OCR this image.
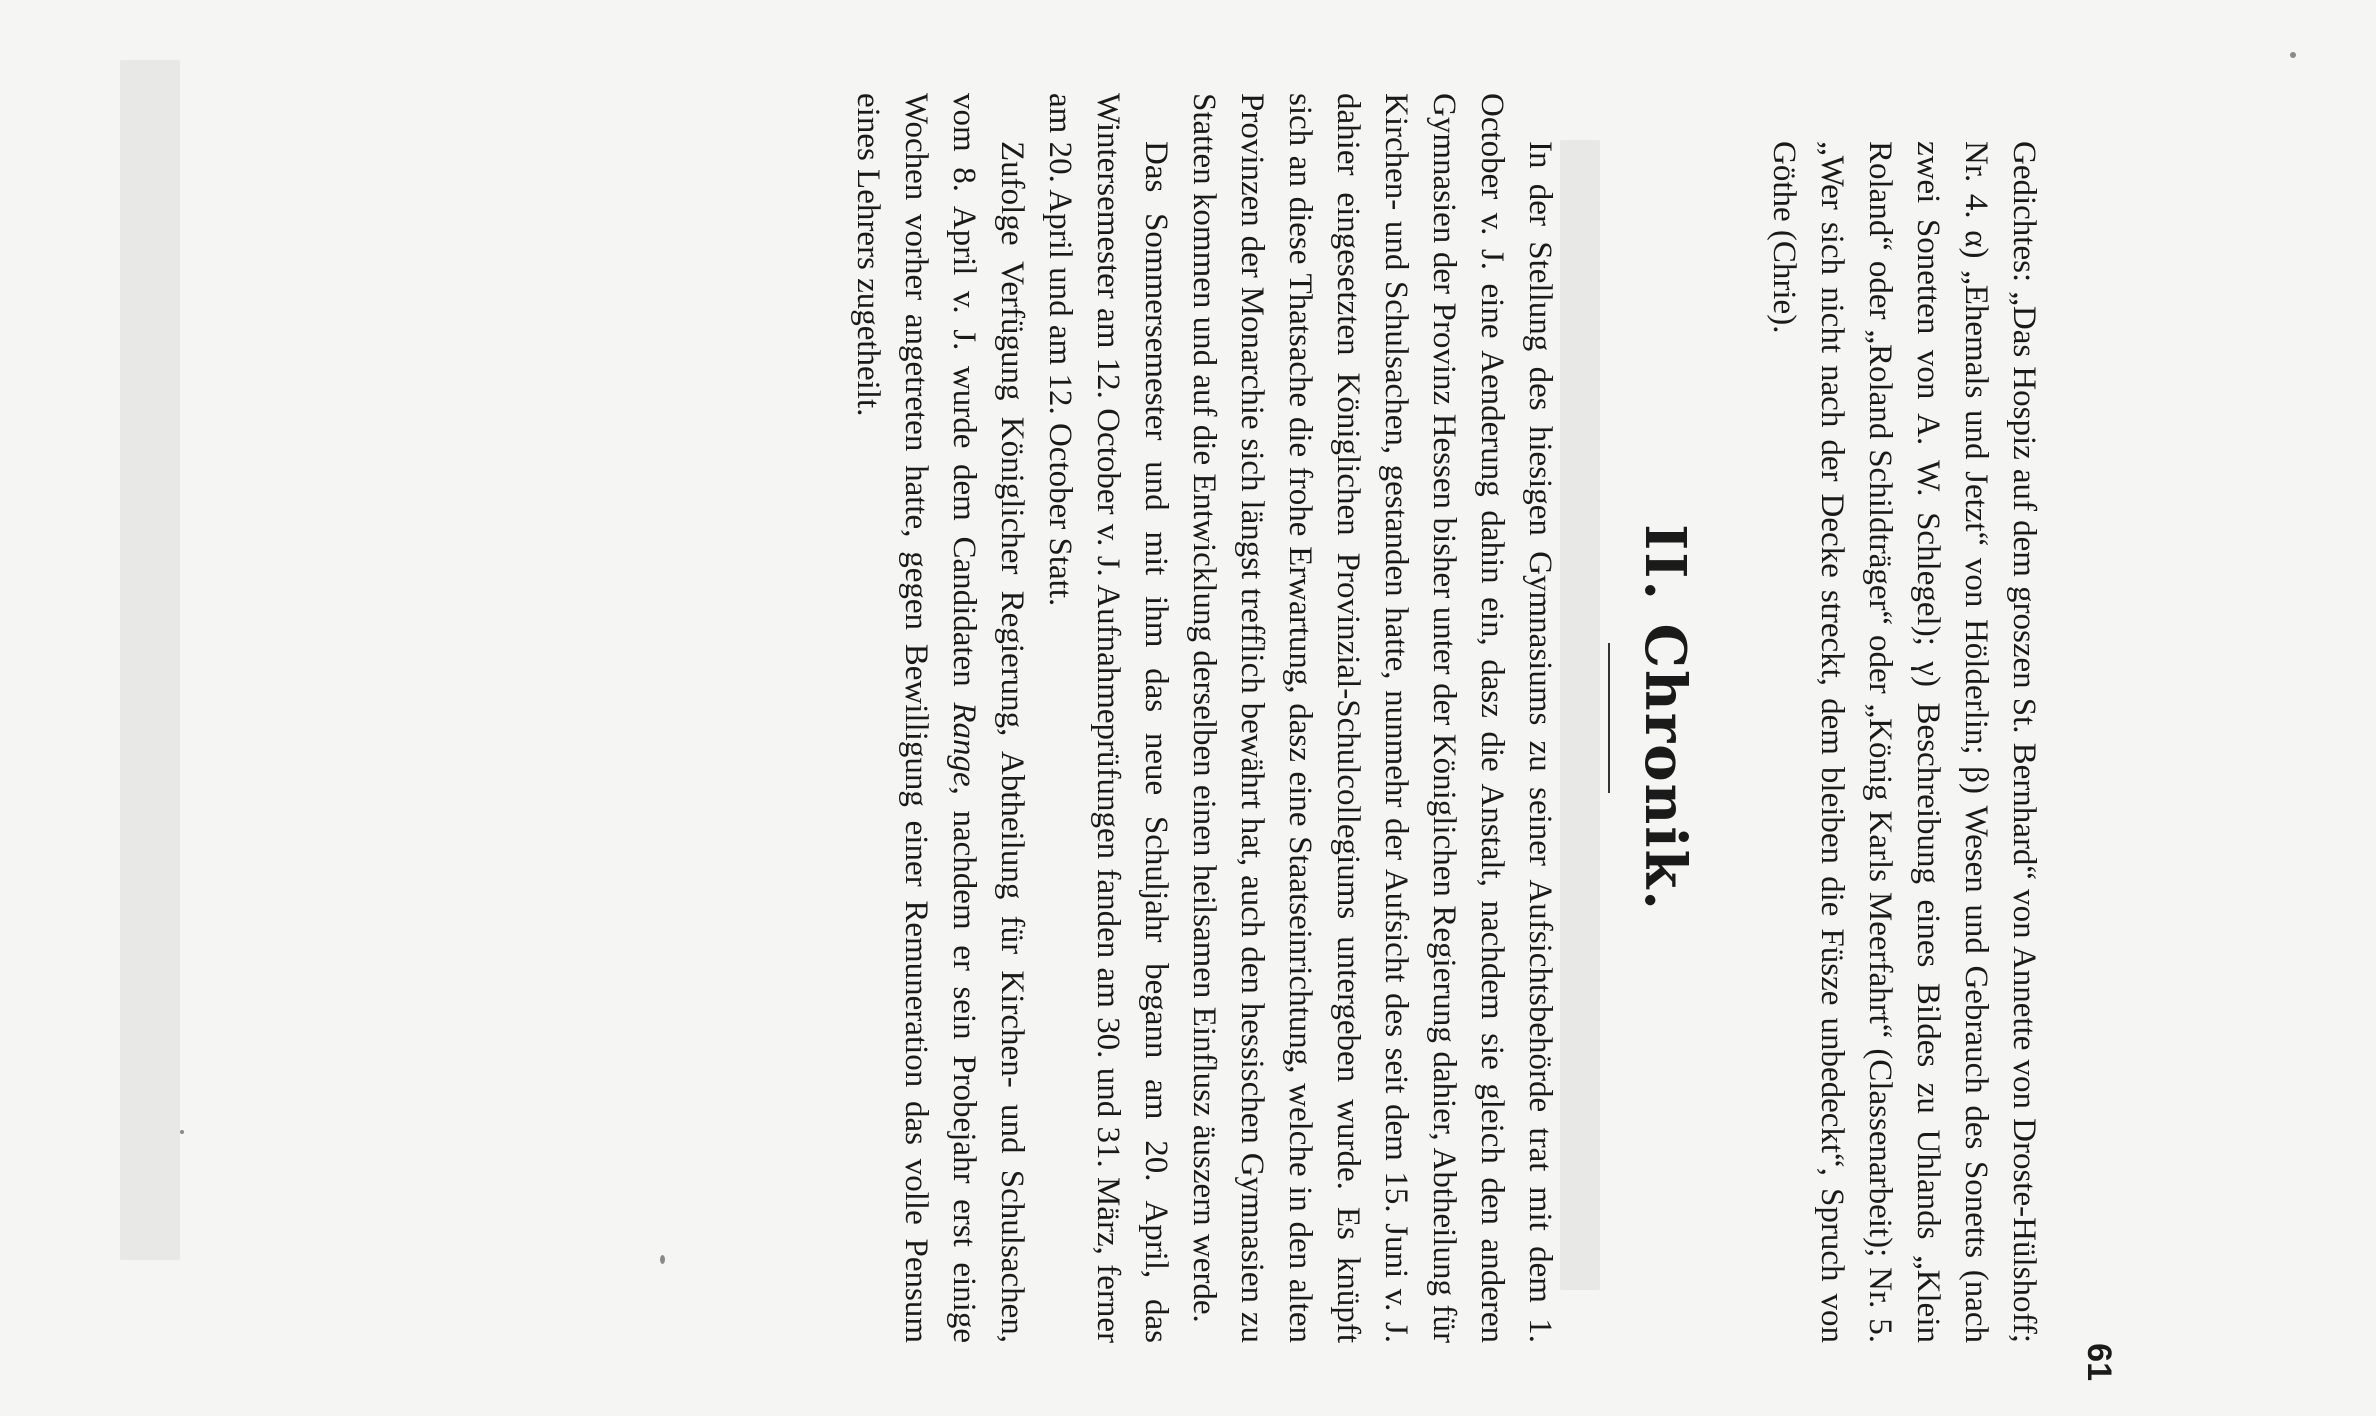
61

Gedichtes: „Das Hospiz auf dem groszen St. Bernhard“ von Annette von Droste-Hülshoff; Nr. 4. α) „Ehemals und Jetzt“ von Hölderlin; β) Wesen und Gebrauch des Sonetts (nach zwei Sonetten von A. W. Schlegel); γ) Beschreibung eines Bildes zu Uhlands „Klein Roland“ oder „Roland Schildträger“ oder „König Karls Meerfahrt“ (Classenarbeit); Nr. 5. „Wer sich nicht nach der Decke streckt, dem bleiben die Füsze unbedeckt“, Spruch von Göthe (Chrie).

II. Chronik.

In der Stellung des hiesigen Gymnasiums zu seiner Aufsichtsbehörde trat mit dem 1. October v. J. eine Aenderung dahin ein, dasz die Anstalt, nachdem sie gleich den anderen Gymnasien der Provinz Hessen bisher unter der Königlichen Regierung dahier, Abtheilung für Kirchen- und Schulsachen, gestanden hatte, nunmehr der Aufsicht des seit dem 15. Juni v. J. dahier eingesetzten Königlichen Provinzial-Schulcollegiums untergeben wurde. Es knüpft sich an diese Thatsache die frohe Erwartung, dasz eine Staatseinrichtung, welche in den alten Provinzen der Monarchie sich längst trefflich bewährt hat, auch den hessischen Gymnasien zu Statten kommen und auf die Entwicklung derselben einen heilsamen Einflusz äuszern werde.

Das Sommersemester und mit ihm das neue Schuljahr begann am 20. April, das Wintersemester am 12. October v. J. Aufnahmeprüfungen fanden am 30. und 31. März, ferner am 20. April und am 12. October Statt.

Zufolge Verfügung Königlicher Regierung, Abtheilung für Kirchen- und Schulsachen, vom 8. April v. J. wurde dem Candidaten Range, nachdem er sein Probejahr erst einige Wochen vorher angetreten hatte, gegen Bewilligung einer Remuneration das volle Pensum eines Lehrers zugetheilt.
